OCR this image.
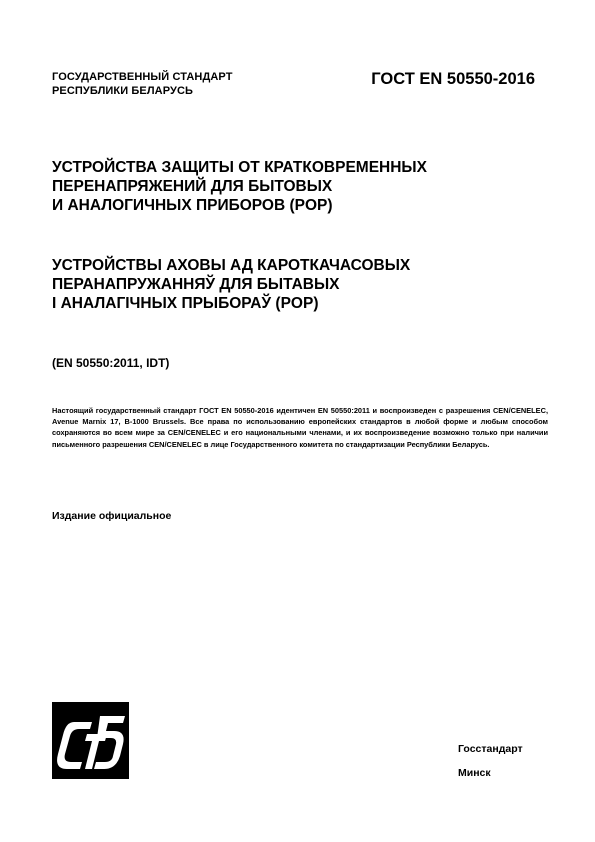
ГОСУДАРСТВЕННЫЙ СТАНДАРТ
РЕСПУБЛИКИ БЕЛАРУСЬ
ГОСТ EN 50550-2016
УСТРОЙСТВА ЗАЩИТЫ ОТ КРАТКОВРЕМЕННЫХ
ПЕРЕНАПРЯЖЕНИЙ ДЛЯ БЫТОВЫХ
И АНАЛОГИЧНЫХ ПРИБОРОВ (POP)
УСТРОЙСТВЫ АХОВЫ АД КАРОТКАЧАСОВЫХ
ПЕРАНАПРУЖАННЯЎ ДЛЯ БЫТАВЫХ
І АНАЛАГІЧНЫХ ПРЫБОРАЎ (POP)
(EN 50550:2011, IDT)
Настоящий государственный стандарт ГОСТ EN 50550-2016 идентичен EN 50550:2011 и воспроизведен с разрешения CEN/CENELEC, Avenue Marnix 17, B-1000 Brussels. Все права по использованию европейских стандартов в любой форме и любым способом сохраняются во всем мире за CEN/CENELEC и его национальными членами, и их воспроизведение возможно только при наличии письменного разрешения CEN/CENELEC в лице Государственного комитета по стандартизации Республики Беларусь.
Издание официальное
Госстандарт
Минск
